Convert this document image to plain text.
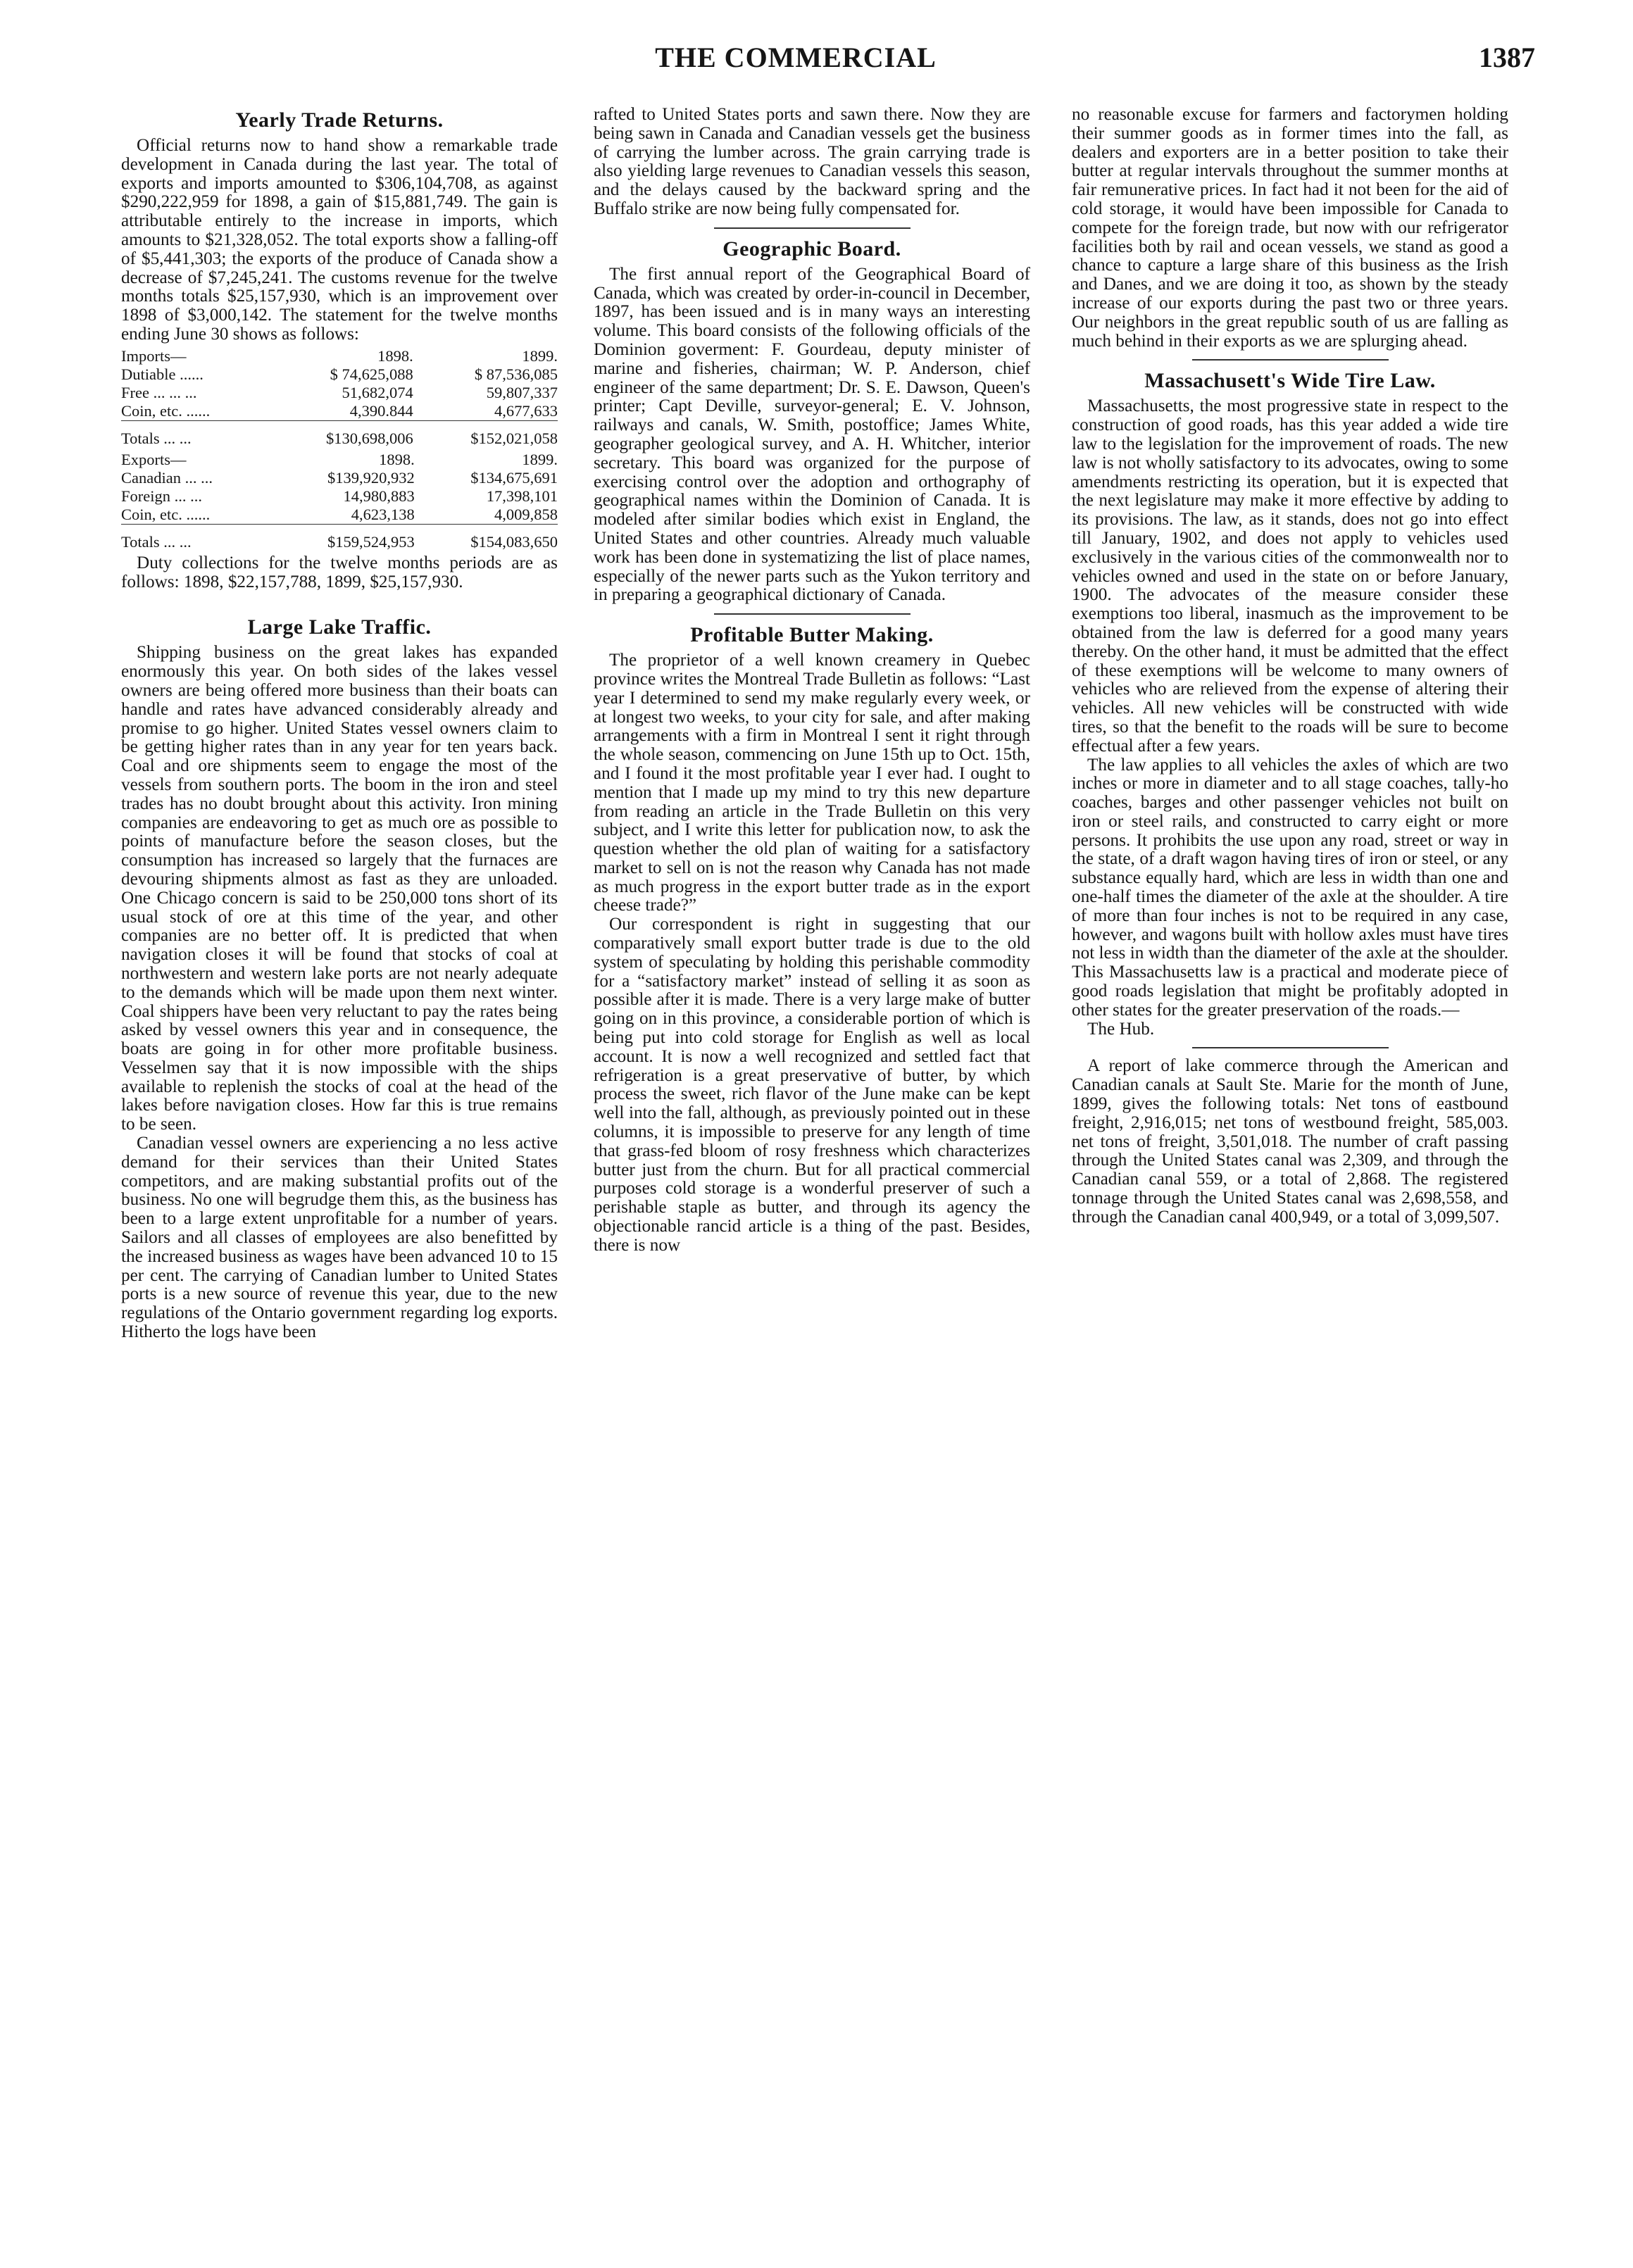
THE COMMERCIAL	1387
Yearly Trade Returns.

Official returns now to hand show a remarkable trade development in Canada during the last year. The total of exports and imports amounted to $306,104,708, as against $290,222,959 for 1898, a gain of $15,881,749. The gain is attributable entirely to the increase in imports, which amounts to $21,328,052. The total exports show a falling-off of $5,441,303; the exports of the produce of Canada show a decrease of $7,245,241. The customs revenue for the twelve months totals $25,157,930, which is an improvement over 1898 of $3,000,142. The statement for the twelve months ending June 30 shows as follows:

Imports—	1898.	1899.
Dutiable ......	$ 74,625,088	$ 87,536,085
Free ... ... ...	51,682,074	59,807,337
Coin, etc. ......	4,390.844	4,677,633

Totals ... ...	$130,698,006	$152,021,058
Exports—	1898.	1899.
Canadian ... ...	$139,920,932	$134,675,691
Foreign ... ...	14,980,883	17,398,101
Coin, etc. ......	4,623,138	4,009,858

Totals ... ...	$159,524,953	$154,083,650

Duty collections for the twelve months periods are as follows: 1898, $22,157,788, 1899, $25,157,930.

Large Lake Traffic.

Shipping business on the great lakes has expanded enormously this year. On both sides of the lakes vessel owners are being offered more business than their boats can handle and rates have advanced considerably already and promise to go higher. United States vessel owners claim to be getting higher rates than in any year for ten years back. Coal and ore shipments seem to engage the most of the vessels from southern ports. The boom in the iron and steel trades has no doubt brought about this activity. Iron mining companies are endeavoring to get as much ore as possible to points of manufacture before the season closes, but the consumption has increased so largely that the furnaces are devouring shipments almost as fast as they are unloaded. One Chicago concern is said to be 250,000 tons short of its usual stock of ore at this time of the year, and other companies are no better off. It is predicted that when navigation closes it will be found that stocks of coal at northwestern and western lake ports are not nearly adequate to the demands which will be made upon them next winter. Coal shippers have been very reluctant to pay the rates being asked by vessel owners this year and in consequence, the boats are going in for other more profitable business. Vesselmen say that it is now impossible with the ships available to replenish the stocks of coal at the head of the lakes before navigation closes. How far this is true remains to be seen.

Canadian vessel owners are experiencing a no less active demand for their services than their United States competitors, and are making substantial profits out of the business. No one will begrudge them this, as the business has been to a large extent unprofitable for a number of years. Sailors and all classes of employees are also benefitted by the increased business as wages have been advanced 10 to 15 per cent. The carrying of Canadian lumber to United States ports is a new source of revenue this year, due to the new regulations of the Ontario government regarding log exports. Hitherto the logs have been

rafted to United States ports and sawn there. Now they are being sawn in Canada and Canadian vessels get the business of carrying the lumber across. The grain carrying trade is also yielding large revenues to Canadian vessels this season, and the delays caused by the backward spring and the Buffalo strike are now being fully compensated for.

Geographic Board.

The first annual report of the Geographical Board of Canada, which was created by order-in-council in December, 1897, has been issued and is in many ways an interesting volume. This board consists of the following officials of the Dominion goverment: F. Gourdeau, deputy minister of marine and fisheries, chairman; W. P. Anderson, chief engineer of the same department; Dr. S. E. Dawson, Queen's printer; Capt Deville, surveyor-general; E. V. Johnson, railways and canals, W. Smith, postoffice; James White, geographer geological survey, and A. H. Whitcher, interior secretary. This board was organized for the purpose of exercising control over the adoption and orthography of geographical names within the Dominion of Canada. It is modeled after similar bodies which exist in England, the United States and other countries. Already much valuable work has been done in systematizing the list of place names, especially of the newer parts such as the Yukon territory and in preparing a geographical dictionary of Canada.

Profitable Butter Making.

The proprietor of a well known creamery in Quebec province writes the Montreal Trade Bulletin as follows: “Last year I determined to send my make regularly every week, or at longest two weeks, to your city for sale, and after making arrangements with a firm in Montreal I sent it right through the whole season, commencing on June 15th up to Oct. 15th, and I found it the most profitable year I ever had. I ought to mention that I made up my mind to try this new departure from reading an article in the Trade Bulletin on this very subject, and I write this letter for publication now, to ask the question whether the old plan of waiting for a satisfactory market to sell on is not the reason why Canada has not made as much progress in the export butter trade as in the export cheese trade?”

Our correspondent is right in suggesting that our comparatively small export butter trade is due to the old system of speculating by holding this perishable commodity for a “satisfactory market” instead of selling it as soon as possible after it is made. There is a very large make of butter going on in this province, a considerable portion of which is being put into cold storage for English as well as local account. It is now a well recognized and settled fact that refrigeration is a great preservative of butter, by which process the sweet, rich flavor of the June make can be kept well into the fall, although, as previously pointed out in these columns, it is impossible to preserve for any length of time that grass-fed bloom of rosy freshness which characterizes butter just from the churn. But for all practical commercial purposes cold storage is a wonderful preserver of such a perishable staple as butter, and through its agency the objectionable rancid article is a thing of the past. Besides, there is now

no reasonable excuse for farmers and factorymen holding their summer goods as in former times into the fall, as dealers and exporters are in a better position to take their butter at regular intervals throughout the summer months at fair remunerative prices. In fact had it not been for the aid of cold storage, it would have been impossible for Canada to compete for the foreign trade, but now with our refrigerator facilities both by rail and ocean vessels, we stand as good a chance to capture a large share of this business as the Irish and Danes, and we are doing it too, as shown by the steady increase of our exports during the past two or three years. Our neighbors in the great republic south of us are falling as much behind in their exports as we are splurging ahead.

Massachusett's Wide Tire Law.

Massachusetts, the most progressive state in respect to the construction of good roads, has this year added a wide tire law to the legislation for the improvement of roads. The new law is not wholly satisfactory to its advocates, owing to some amendments restricting its operation, but it is expected that the next legislature may make it more effective by adding to its provisions. The law, as it stands, does not go into effect till January, 1902, and does not apply to vehicles used exclusively in the various cities of the commonwealth nor to vehicles owned and used in the state on or before January, 1900. The advocates of the measure consider these exemptions too liberal, inasmuch as the improvement to be obtained from the law is deferred for a good many years thereby. On the other hand, it must be admitted that the effect of these exemptions will be welcome to many owners of vehicles who are relieved from the expense of altering their vehicles. All new vehicles will be constructed with wide tires, so that the benefit to the roads will be sure to become effectual after a few years.

The law applies to all vehicles the axles of which are two inches or more in diameter and to all stage coaches, tally-ho coaches, barges and other passenger vehicles not built on iron or steel rails, and constructed to carry eight or more persons. It prohibits the use upon any road, street or way in the state, of a draft wagon having tires of iron or steel, or any substance equally hard, which are less in width than one and one-half times the diameter of the axle at the shoulder. A tire of more than four inches is not to be required in any case, however, and wagons built with hollow axles must have tires not less in width than the diameter of the axle at the shoulder. This Massachusetts law is a practical and moderate piece of good roads legislation that might be profitably adopted in other states for the greater preservation of the roads.—

The Hub.

A report of lake commerce through the American and Canadian canals at Sault Ste. Marie for the month of June, 1899, gives the following totals: Net tons of eastbound freight, 2,916,015; net tons of westbound freight, 585,003. net tons of freight, 3,501,018. The number of craft passing through the United States canal was 2,309, and through the Canadian canal 559, or a total of 2,868. The registered tonnage through the United States canal was 2,698,558, and through the Canadian canal 400,949, or a total of 3,099,507.
